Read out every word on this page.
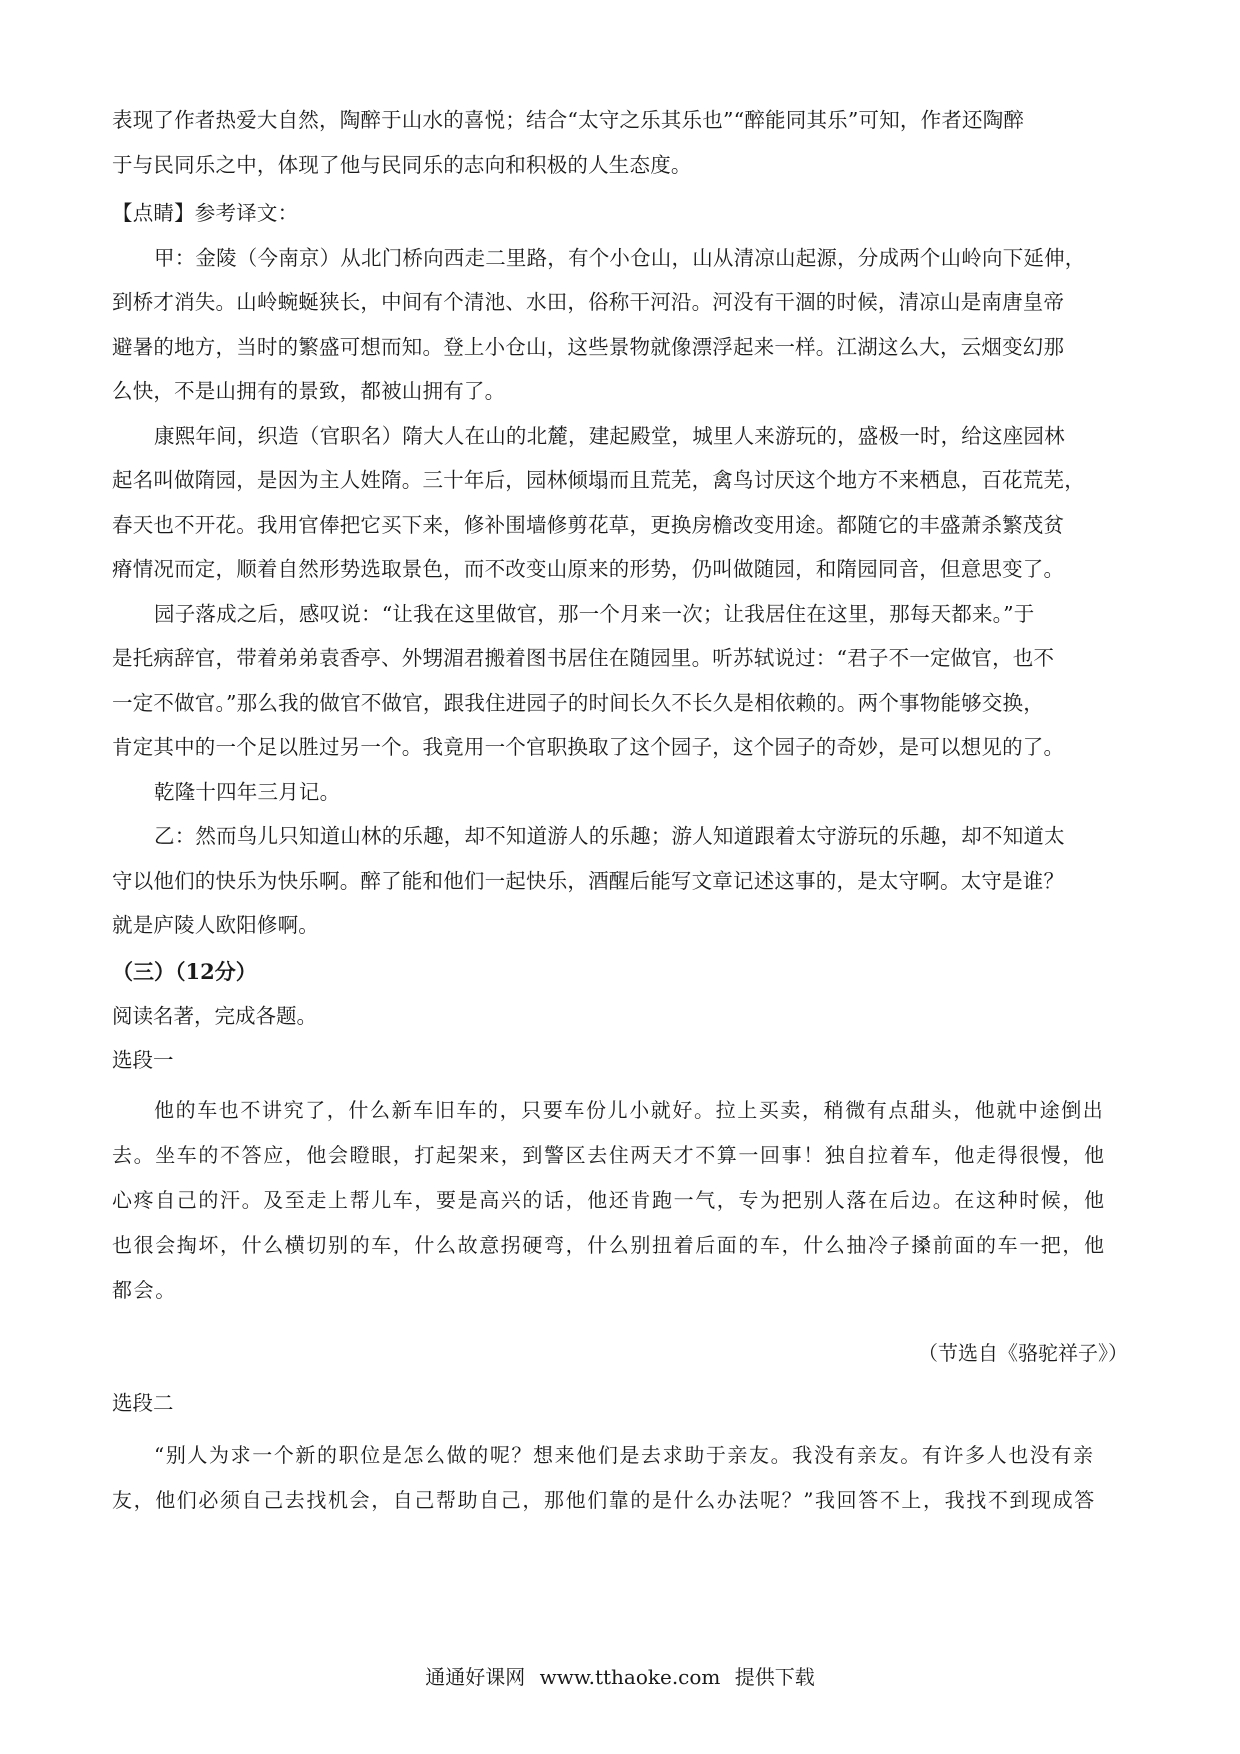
表现了作者热爱大自然，陶醉于山水的喜悦；结合“太守之乐其乐也”“醉能同其乐”可知，作者还陶醉
于与民同乐之中，体现了他与民同乐的志向和积极的人生态度。
【点睛】参考译文：
甲：金陵（今南京）从北门桥向西走二里路，有个小仓山，山从清凉山起源，分成两个山岭向下延伸，
到桥才消失。山岭蜿蜒狭长，中间有个清池、水田，俗称干河沿。河没有干涸的时候，清凉山是南唐皇帝
避暑的地方，当时的繁盛可想而知。登上小仓山，这些景物就像漂浮起来一样。江湖这么大，云烟变幻那
么快，不是山拥有的景致，都被山拥有了。
康熙年间，织造（官职名）隋大人在山的北麓，建起殿堂，城里人来游玩的，盛极一时，给这座园林
起名叫做隋园，是因为主人姓隋。三十年后，园林倾塌而且荒芜，禽鸟讨厌这个地方不来栖息，百花荒芜，
春天也不开花。我用官俸把它买下来，修补围墙修剪花草，更换房檐改变用途。都随它的丰盛萧杀繁茂贫
瘠情况而定，顺着自然形势选取景色，而不改变山原来的形势，仍叫做随园，和隋园同音，但意思变了。
园子落成之后，感叹说：“让我在这里做官，那一个月来一次；让我居住在这里，那每天都来。”于
是托病辞官，带着弟弟袁香亭、外甥湄君搬着图书居住在随园里。听苏轼说过：“君子不一定做官，也不
一定不做官。”那么我的做官不做官，跟我住进园子的时间长久不长久是相依赖的。两个事物能够交换，
肯定其中的一个足以胜过另一个。我竟用一个官职换取了这个园子，这个园子的奇妙，是可以想见的了。
乾隆十四年三月记。
乙：然而鸟儿只知道山林的乐趣，却不知道游人的乐趣；游人知道跟着太守游玩的乐趣，却不知道太
守以他们的快乐为快乐啊。醉了能和他们一起快乐，酒醒后能写文章记述这事的，是太守啊。太守是谁？
就是庐陵人欧阳修啊。
（三）（12分）
阅读名著，完成各题。
选段一
他的车也不讲究了，什么新车旧车的，只要车份儿小就好。拉上买卖，稍微有点甜头，他就中途倒出
去。坐车的不答应，他会瞪眼，打起架来，到警区去住两天才不算一回事！独自拉着车，他走得很慢，他
心疼自己的汗。及至走上帮儿车，要是高兴的话，他还肯跑一气，专为把别人落在后边。在这种时候，他
也很会掏坏，什么横切别的车，什么故意拐硬弯，什么别扭着后面的车，什么抽冷子搡前面的车一把，他
都会。
（节选自《骆驼祥子》）
选段二
“别人为求一个新的职位是怎么做的呢？想来他们是去求助于亲友。我没有亲友。有许多人也没有亲
友，他们必须自己去找机会，自己帮助自己，那他们靠的是什么办法呢？”我回答不上，我找不到现成答
通通好课网 www.tthaoke.com 提供下载
